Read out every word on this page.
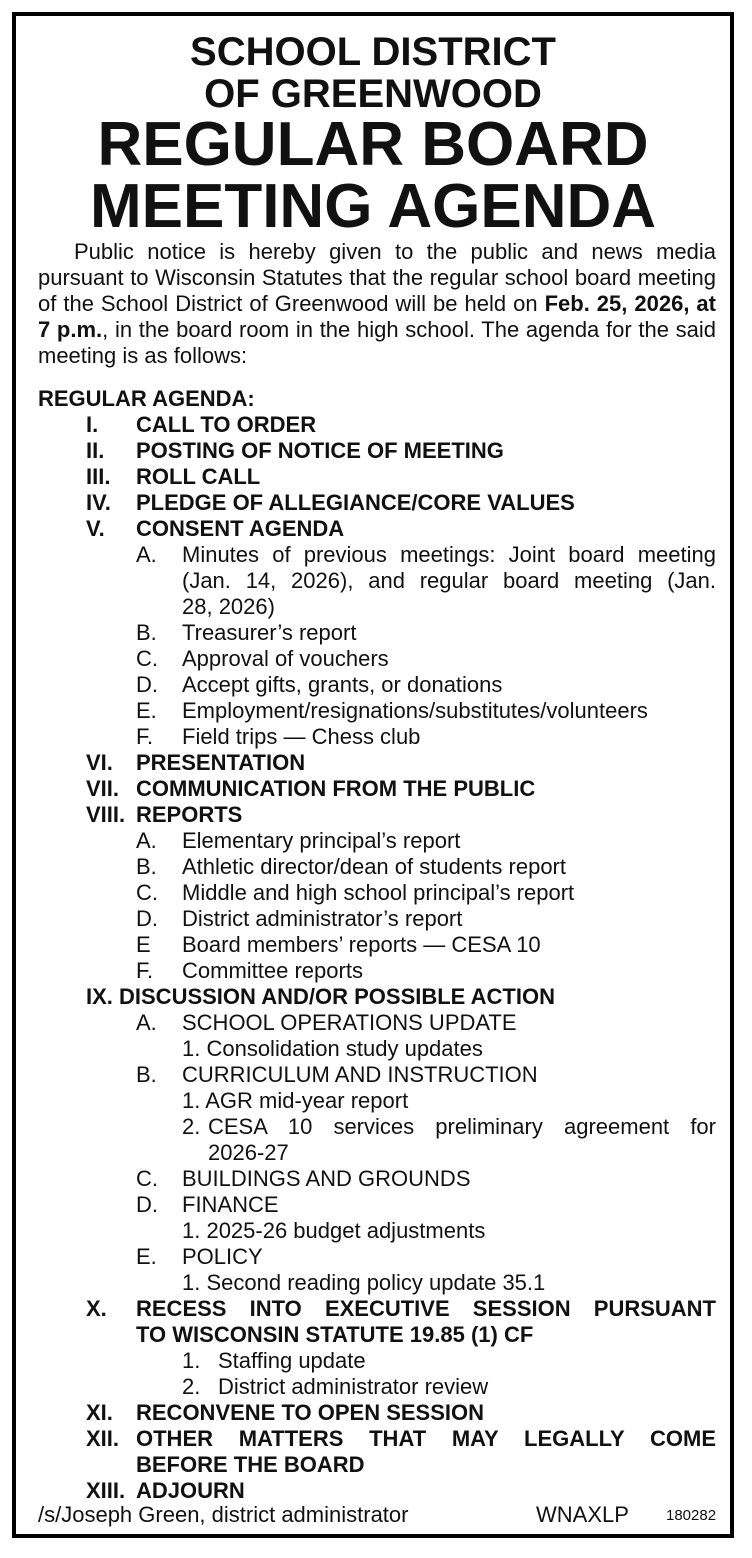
SCHOOL DISTRICT
OF GREENWOOD
REGULAR BOARD
MEETING AGENDA
Public notice is hereby given to the public and news media pursuant to Wisconsin Statutes that the regular school board meeting of the School District of Greenwood will be held on Feb. 25, 2026, at 7 p.m., in the board room in the high school. The agenda for the said meeting is as follows:
REGULAR AGENDA:
I. CALL TO ORDER
II. POSTING OF NOTICE OF MEETING
III. ROLL CALL
IV. PLEDGE OF ALLEGIANCE/CORE VALUES
V. CONSENT AGENDA
A. Minutes of previous meetings: Joint board meeting
(Jan. 14, 2026), and regular board meeting (Jan.
28, 2026)
B. Treasurer’s report
C. Approval of vouchers
D. Accept gifts, grants, or donations
E. Employment/resignations/substitutes/volunteers
F. Field trips — Chess club
VI. PRESENTATION
VII. COMMUNICATION FROM THE PUBLIC
VIII. REPORTS
A. Elementary principal’s report
B. Athletic director/dean of students report
C. Middle and high school principal’s report
D. District administrator’s report
E Board members’ reports — CESA 10
F. Committee reports
IX. DISCUSSION AND/OR POSSIBLE ACTION
A. SCHOOL OPERATIONS UPDATE
1. Consolidation study updates
B. CURRICULUM AND INSTRUCTION
1. AGR mid-year report
2. CESA 10 services preliminary agreement for
2026-27
C. BUILDINGS AND GROUNDS
D. FINANCE
1. 2025-26 budget adjustments
E. POLICY
1. Second reading policy update 35.1
X. RECESS INTO EXECUTIVE SESSION PURSUANT
TO WISCONSIN STATUTE 19.85 (1) CF
1. Staffing update
2. District administrator review
XI. RECONVENE TO OPEN SESSION
XII. OTHER MATTERS THAT MAY LEGALLY COME
BEFORE THE BOARD
XIII. ADJOURN
/s/Joseph Green, district administrator	WNAXLP 180282
